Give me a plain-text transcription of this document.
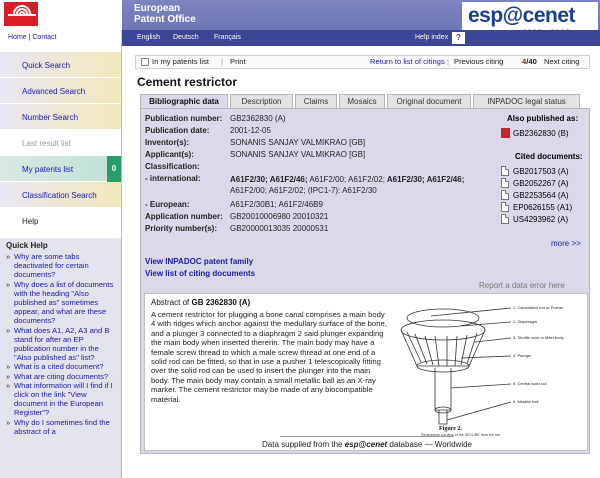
European
Patent Office	esp@cenet
Home | Contact	English Deutsch Français	Help index ?
Quick Search
Advanced Search
Number Search
Last result list
My patents list	0
Classification Search
Help
Quick Help
» Why are some tabs deactivated for certain documents?
» Why does a list of documents with the heading "Also published as" sometimes appear, and what are these documents?
» What does A1, A2, A3 and B stand for after an EP publication number in the "Also published as" list?
» What is a cited document?
» What are citing documents?
» What information will I find if I click on the link "View document in the European Register"?
» Why do I sometimes find the abstract of a
In my patents list | Print	Return to list of citings | Previous citing 4/40 Next citing
Cement restrictor
Bibliographic data	Description	Claims	Mosaics	Original document	INPADOC legal status
Publication number: GB2362830 (A)
Publication date:	2001-12-05
Inventor(s):	SONANIS SANJAY VALMIKRAO [GB]
Applicant(s):	SONANIS SANJAY VALMIKRAO [GB]
Classification:
- international:	A61F2/30; A61F2/46; A61F2/00; A61F2/02; A61F2/30; A61F2/46; A61F2/00; A61F2/02; (IPC1-7): A61F2/30
- European:	A61F2/30B1; A61F2/46B9
Application number: GB20010006980 20010321
Priority number(s): GB20000013035 20000531
Also published as:
GB2362830 (B)
Cited documents:
GB2017503 (A)
GB2052267 (A)
GB2253564 (A)
EP0626155 (A1)
US4293962 (A)
more >>
View INPADOC patent family
View list of citing documents
Report a data error here
Abstract of GB 2362830 (A)
A cement restrictor for plugging a bone canal comprises a main body 4 with ridges which anchor against the medullary surface of the bone, and a plunger 3 connected to a diaphragm 2 said plunger expanding the main body when inserted thererin. The main body may have a female screw thread to which a male screw thread at one end of a solid rod can be fitted, so that in use a pusher 1 telescopically fitting over the solid rod can be used to insert the plunger into the main body. The main body may contain a small metallic ball as an X-ray marker. The cement restrictor may be made of any biocompatible material.
1. Cannulated rod or Pusher
2. Diaphragm
3. Shuttle cock or Main body
4. Plunger
5. Central solid rod
6. Metallic ball
Figure 2.
Perspective cut view of the SECURE from the top
Data supplied from the esp@cenet database — Worldwide
